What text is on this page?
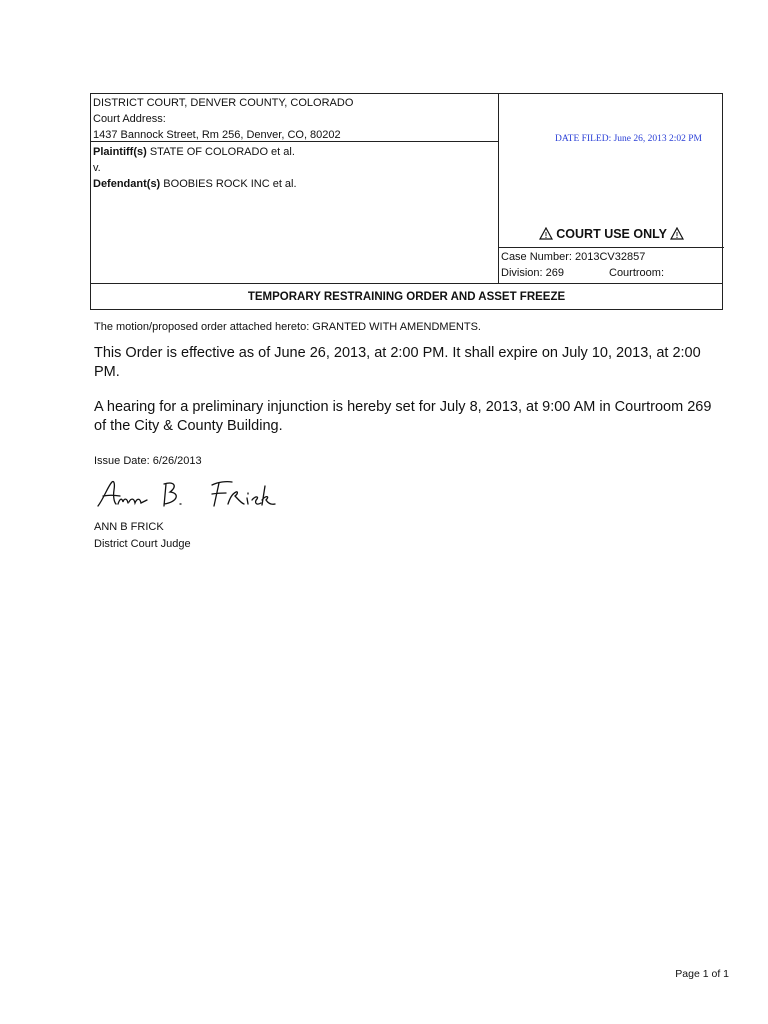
DISTRICT COURT, DENVER COUNTY, COLORADO
Court Address:
1437 Bannock Street, Rm 256, Denver, CO, 80202
Plaintiff(s) STATE OF COLORADO et al.
v.
Defendant(s) BOOBIES ROCK INC et al.
DATE FILED: June 26, 2013 2:02 PM
COURT USE ONLY
Case Number: 2013CV32857
Division: 269	Courtroom:
TEMPORARY RESTRAINING ORDER AND ASSET FREEZE
The motion/proposed order attached hereto: GRANTED WITH AMENDMENTS.
This Order is effective as of June 26, 2013, at 2:00 PM. It shall expire on July 10, 2013, at 2:00 PM.
A hearing for a preliminary injunction is hereby set for July 8, 2013, at 9:00 AM in Courtroom 269 of the City & County Building.
Issue Date: 6/26/2013
ANN B FRICK
District Court Judge
Page 1 of 1
